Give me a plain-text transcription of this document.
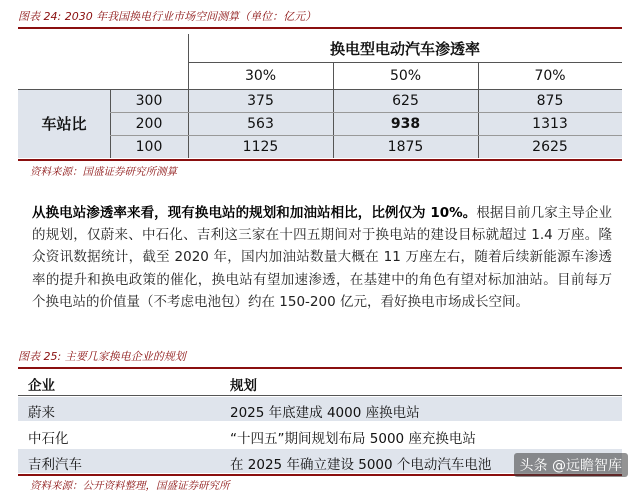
图表 24: 2030 年我国换电行业市场空间测算（单位：亿元）
换电型电动汽车渗透率
30%	50%	70%
车站比
300	375	625	875
200	563	938	1313
100	1125	1875	2625
资料来源：国盛证券研究所测算
从换电站渗透率来看，现有换电站的规划和加油站相比，比例仅为 10%。根据目前几家主导企业的规划，仅蔚来、中石化、吉利这三家在十四五期间对于换电站的建设目标就超过 1.4 万座。隆众资讯数据统计，截至 2020 年，国内加油站数量大概在 11 万座左右，随着后续新能源车渗透率的提升和换电政策的催化，换电站有望加速渗透，在基建中的角色有望对标加油站。目前每万个换电站的价值量（不考虑电池包）约在 150-200 亿元，看好换电市场成长空间。
图表 25: 主要几家换电企业的规划
企业	规划
蔚来	2025 年底建成 4000 座换电站
中石化	“十四五”期间规划布局 5000 座充换电站
吉利汽车	在 2025 年确立建设 5000 个电动汽车电池
资料来源：公开资料整理，国盛证券研究所
头条 @远瞻智库
